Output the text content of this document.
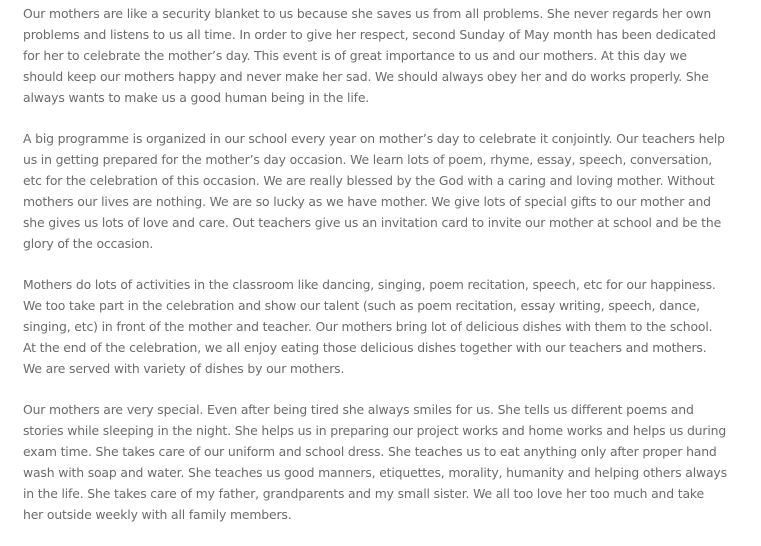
Our mothers are like a security blanket to us because she saves us from all problems. She never regards her own problems and listens to us all time. In order to give her respect, second Sunday of May month has been dedicated for her to celebrate the mother’s day. This event is of great importance to us and our mothers. At this day we should keep our mothers happy and never make her sad. We should always obey her and do works properly. She always wants to make us a good human being in the life.

A big programme is organized in our school every year on mother’s day to celebrate it conjointly. Our teachers help us in getting prepared for the mother’s day occasion. We learn lots of poem, rhyme, essay, speech, conversation, etc for the celebration of this occasion. We are really blessed by the God with a caring and loving mother. Without mothers our lives are nothing. We are so lucky as we have mother. We give lots of special gifts to our mother and she gives us lots of love and care. Out teachers give us an invitation card to invite our mother at school and be the glory of the occasion.

Mothers do lots of activities in the classroom like dancing, singing, poem recitation, speech, etc for our happiness. We too take part in the celebration and show our talent (such as poem recitation, essay writing, speech, dance, singing, etc) in front of the mother and teacher. Our mothers bring lot of delicious dishes with them to the school. At the end of the celebration, we all enjoy eating those delicious dishes together with our teachers and mothers. We are served with variety of dishes by our mothers.

Our mothers are very special. Even after being tired she always smiles for us. She tells us different poems and stories while sleeping in the night. She helps us in preparing our project works and home works and helps us during exam time. She takes care of our uniform and school dress. She teaches us to eat anything only after proper hand wash with soap and water. She teaches us good manners, etiquettes, morality, humanity and helping others always in the life. She takes care of my father, grandparents and my small sister. We all too love her too much and take her outside weekly with all family members.
